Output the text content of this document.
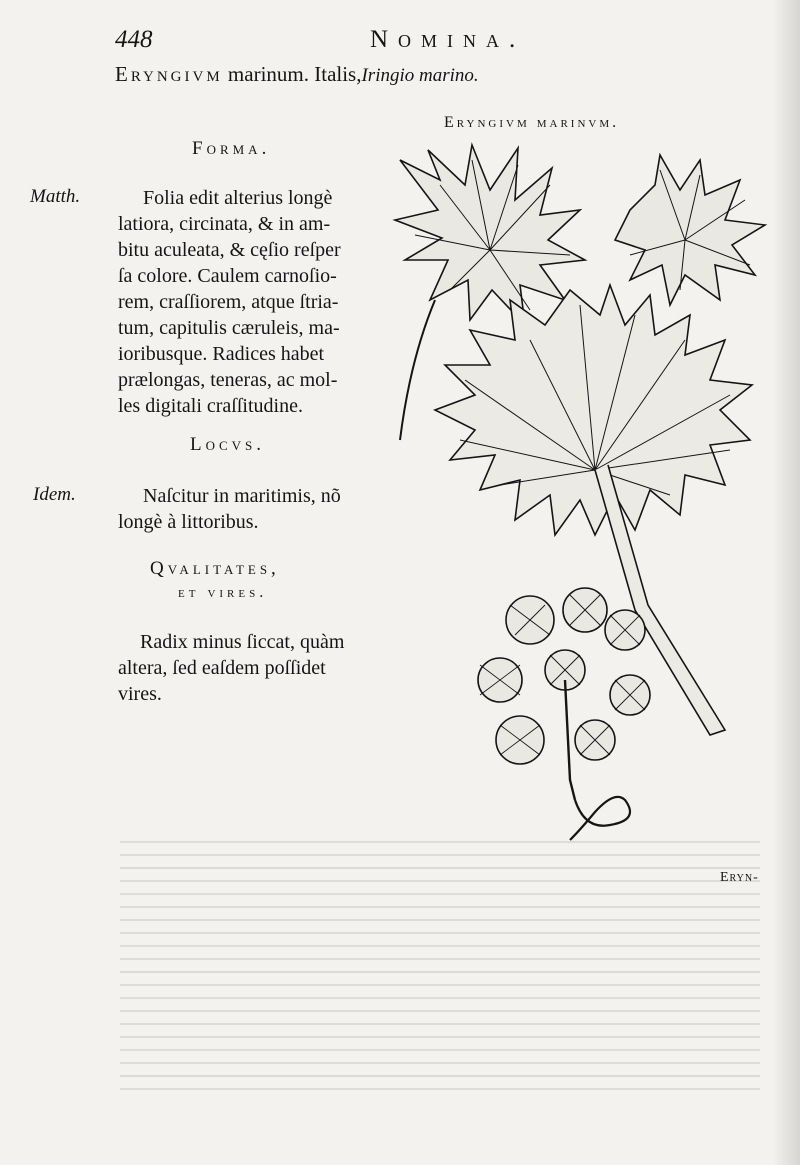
448	Nomina.
Eryngivm marinum. Italis,Iringio marino.
Eryngivm marinvm.
Forma.
Matth.	Folia edit alterius longè
latiora, circinata, & in am-
bitu aculeata, & cęſio reſper
ſa colore. Caulem carnoſio-
rem, craſſiorem, atque ſtria-
tum, capitulis cæruleis, ma-
ioribusque. Radices habet
prælongas, teneras, ac mol-
les digitali craſſitudine.
Locvs.
Idem.	Naſcitur in maritimis, nõ
longè à littoribus.
Qvalitates,
et vires.
Radix minus ſiccat, quàm
altera, ſed eaſdem poſſidet
vires.
Eryn-
